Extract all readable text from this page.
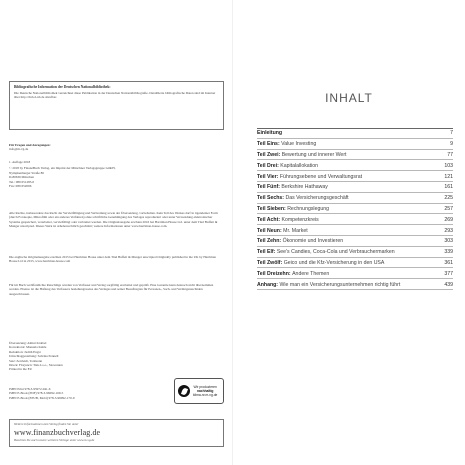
Bibliografische Information der Deutschen Nationalbibliothek:
Die Deutsche Nationalbibliothek verzeichnet diese Publikation in der Deutschen Nationalbibliografie. Detaillierte bibliografische Daten sind im Internet über http://dnb.d-nb.de abrufbar.

Für Fragen und Anregungen:

info@m-vg.de

1. Auflage 2018

© 2018 by FinanzBuch Verlag, ein Imprint der Münchner Verlagsgruppe GmbH,

Nymphenburger Straße 86

D-80636 München

Tel.: 089 651285-0

Fax: 089 652096

Alle Rechte, insbesondere das Recht der Vervielfältigung und Verbreitung sowie der Übersetzung, vorbehalten. Kein Teil des Werkes darf in irgendeiner Form (durch Fotokopie, Mikrofilm oder ein anderes Verfahren) ohne schriftliche Genehmigung des Verlages reproduziert oder unter Verwendung elektronischer Systeme gespeichert, verarbeitet, vervielfältigt oder verbreitet werden. Die Originalausgabe erschien 2016 bei Harriman House Ltd. unter dem Titel Buffett & Munger unscripted. Dieses Werk ist urheberrechtlich geschützt; weitere Informationen unter www.harriman-house.com.

Die englische Originalausgabe erschien 2015 bei Harriman House unter dem Titel Buffett & Munger unscripted Originally published in the UK by Harriman House Ltd in 2015, www.harriman-house.com

Für im Buch veröffentlichte Ratschläge wurden von Verfasser und Verlag sorgfältig erarbeitet und geprüft. Eine Garantie kann dennoch nicht übernommen werden. Ebenso ist die Haftung des Verfassers beziehungsweise des Verlages und seiner Beauftragten für Personen-, Sach- und Vermögensschäden ausgeschlossen.

Übersetzung: Almut Kraibel

Korrektorat: Manuela Kahle

Redaktion: Judith Engst

Umschlaggestaltung: Sabrina Pennell

Satz: Zerrleidt, Tonbrenn

Druck: Florjancic Tisk d.o.o., Slowenien

Printed in the EU

ISBN Print 978-3-95972-041-6

ISBN E-Book (PDF) 978-3-96092-169-5

ISBN E-Book (EPUB, Mobi) 978-3-96092-170-9

Wir produzieren
nachhaltig
klima-nr.m-vg.de
Weitere Informationen zum Verlag finden Sie unter
www.finanzbuchverlag.de
Beachten Sie auch unsere weiteren Verlage unter www.m-vg.de
INHALT
Einleitung	7
Teil Eins:
Value Investing	9
Teil Zwei:
Bewertung und innerer Wert	77
Teil Drei:
Kapitalallokation	103
Teil Vier:
Führungsebene und Verwaltungsrat	121
Teil Fünf:
Berkshire Hathaway	161
Teil Sechs:
Das Versicherungsgeschäft	225
Teil Sieben:
Rechnungslegung	257
Teil Acht:
Kompetenzkreis	269
Teil Neun:
Mr. Market	293
Teil Zehn:
Ökonomie und Investieren	303
Teil Elf:
See's Candies, Coca-Cola und Verbrauchermarken	339
Teil Zwölf:
Geico und die Kfz-Versicherung in den USA	361
Teil Dreizehn:
Andere Themen	377
Anhang:
Wie man ein Versicherungsunternehmen richtig führt	439
